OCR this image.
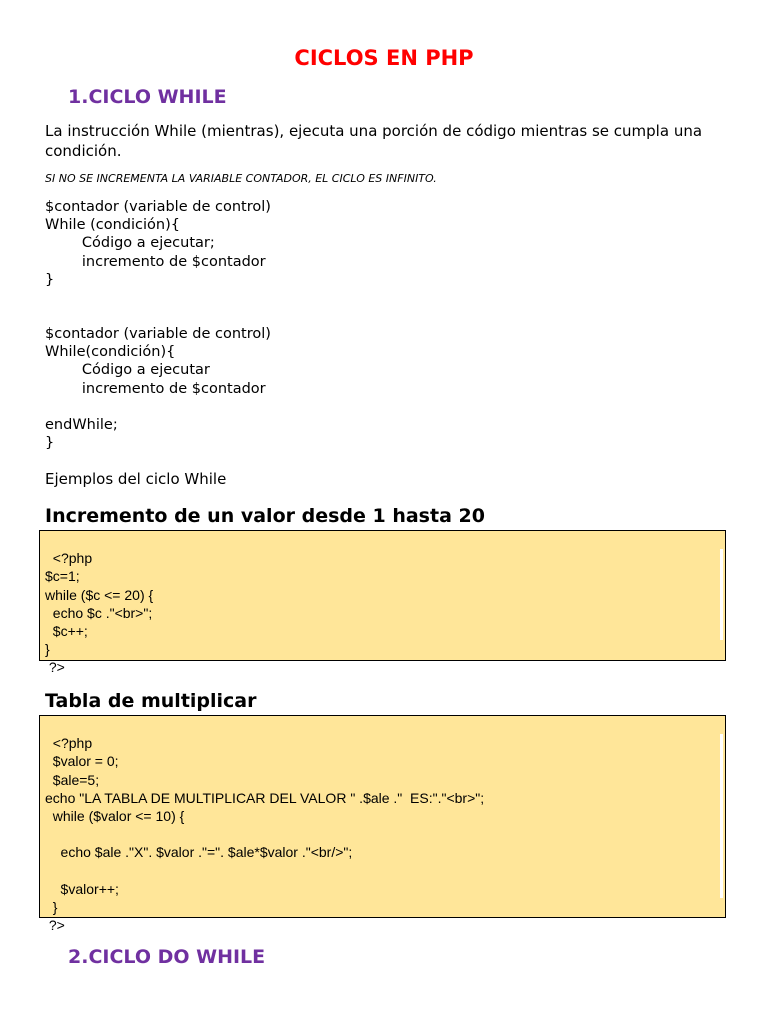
CICLOS EN PHP
1.CICLO WHILE
La instrucción While (mientras), ejecuta una porción de código mientras se cumpla una condición.
SI NO SE INCREMENTA LA VARIABLE CONTADOR, EL CICLO ES INFINITO.
$contador (variable de control)
While (condición){
Código a ejecutar;
incremento de $contador
}
$contador (variable de control)
While(condición){
Código a ejecutar
incremento de $contador

endWhile;
}
Ejemplos del ciclo While
Incremento de un valor desde 1 hasta 20

<?php
$c=1;
while ($c <= 20) {
echo $c ."<br>";
$c++;
}
?>

Tabla de multiplicar

<?php
$valor = 0;
$ale=5;
echo "LA TABLA DE MULTIPLICAR DEL VALOR " .$ale ."  ES:"."<br>";
while ($valor <= 10) {

echo $ale ."X". $valor ."=". $ale*$valor ."<br/>";

$valor++;
}
?>

2.CICLO DO WHILE
